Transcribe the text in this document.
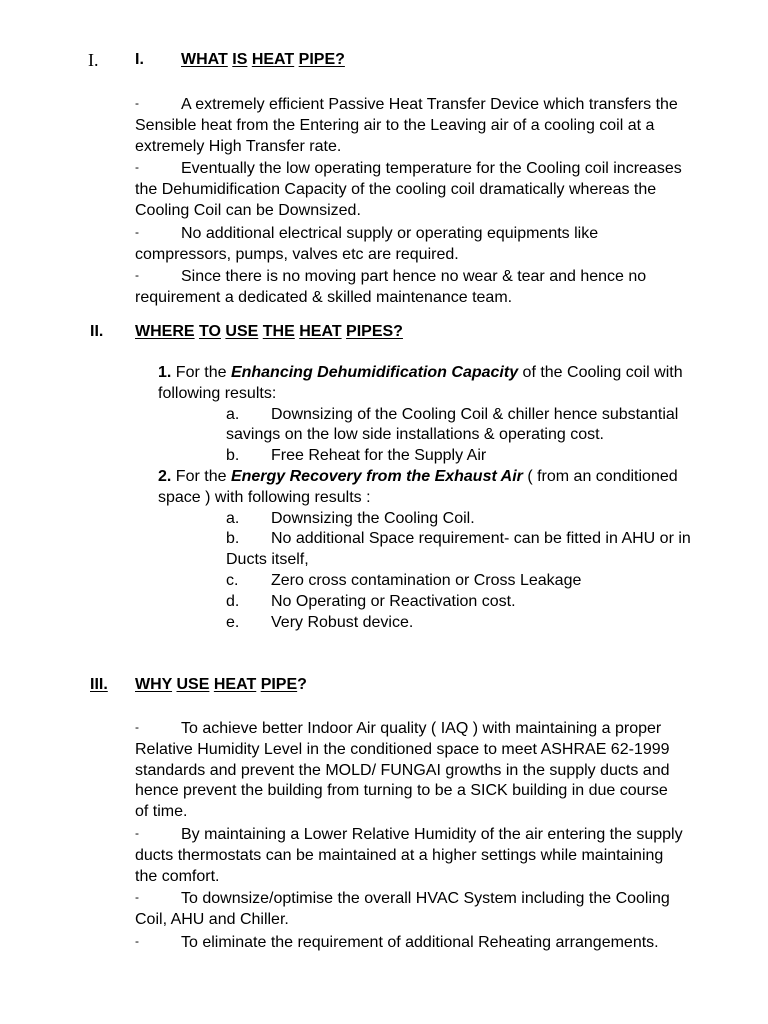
I. I. WHAT IS HEAT PIPE?
-	A extremely efficient Passive Heat Transfer Device which transfers the Sensible heat from the Entering air to the Leaving air of a cooling coil at a extremely High Transfer rate.
-	Eventually the low operating temperature for the Cooling coil increases the Dehumidification Capacity of the cooling coil dramatically whereas the Cooling Coil can be Downsized.
-	No additional electrical supply or operating equipments like compressors, pumps, valves etc are required.
-	Since there is no moving part hence no wear & tear and hence no requirement a dedicated & skilled maintenance team.
II. WHERE TO USE THE HEAT PIPES?
1. For the Enhancing Dehumidification Capacity of the Cooling coil with following results:
a. Downsizing of the Cooling Coil & chiller hence substantial savings on the low side installations & operating cost.
b. Free Reheat for the Supply Air
2. For the Energy Recovery from the Exhaust Air ( from an conditioned space ) with following results :
a. Downsizing the Cooling Coil.
b. No additional Space requirement- can be fitted in AHU or in Ducts itself,
c. Zero cross contamination or Cross Leakage
d. No Operating or Reactivation cost.
e. Very Robust device.
III. WHY USE HEAT PIPE?
-	To achieve better Indoor Air quality ( IAQ ) with maintaining a proper Relative Humidity Level in the conditioned space to meet ASHRAE 62-1999 standards and prevent the MOLD/ FUNGAI growths in the supply ducts and hence prevent the building from turning to be a SICK building in due course of time.
-	By maintaining a Lower Relative Humidity of the air entering the supply ducts thermostats can be maintained at a higher settings while maintaining the comfort.
-	To downsize/optimise the overall HVAC System including the Cooling Coil, AHU and Chiller.
-	To eliminate the requirement of additional Reheating arrangements.
